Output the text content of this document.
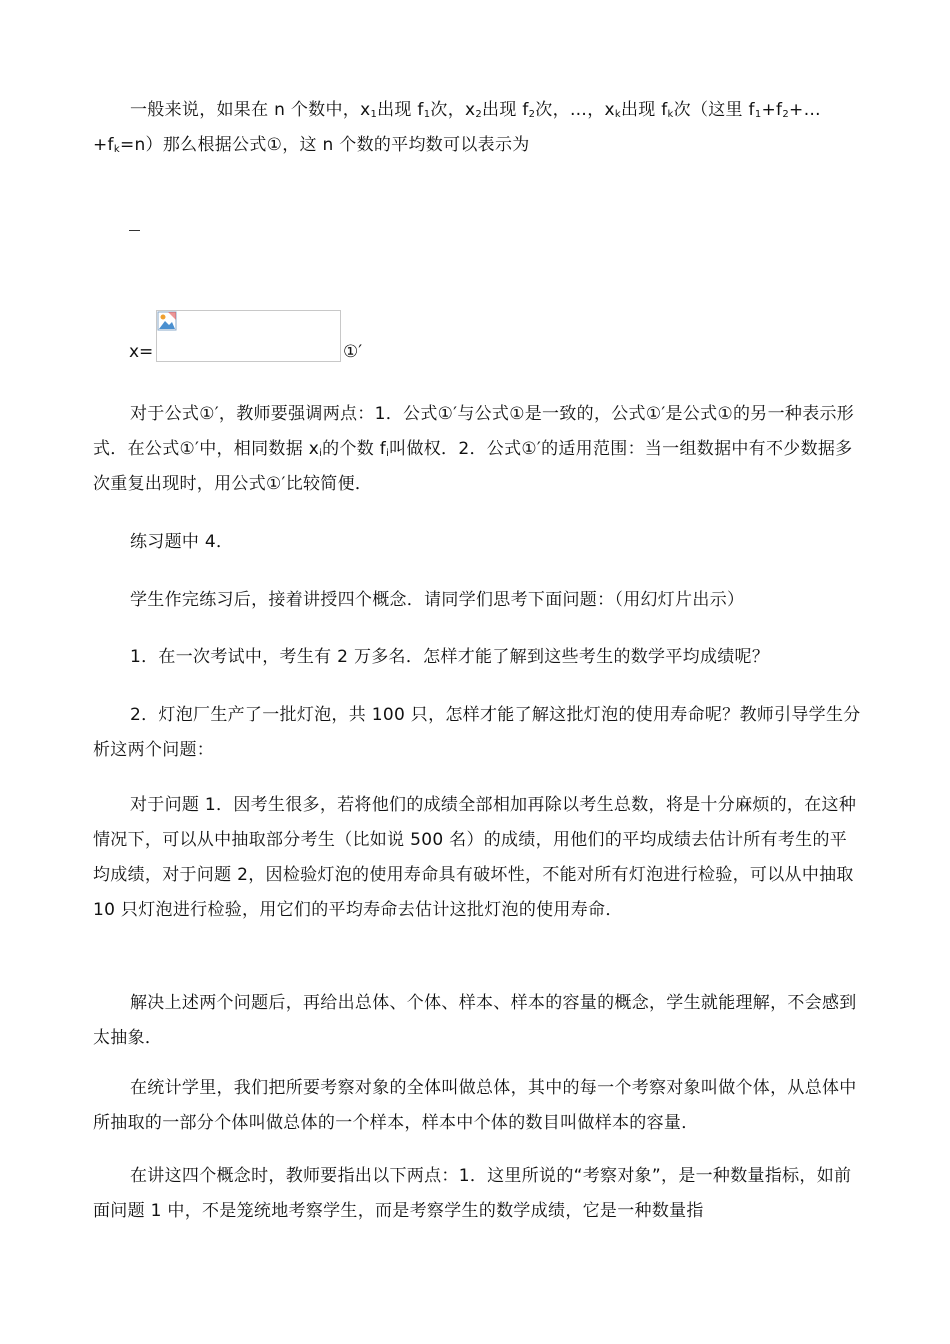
一般来说，如果在 n 个数中，$x_1$出现 $f_1$次，$x_2$出现 $f_2$次，…，$x_k$出现 $f_k$次（这里 $f_1+f_2+\dots+f_k=n$）那么根据公式①，这 n 个数的平均数可以表示为

x=	①′

对于公式①′，教师要强调两点：1．公式①′与公式①是一致的，公式①′是公式①的另一种表示形式．在公式①′中，相同数据 $x_i$的个数 $f_i$叫做权．2．公式①′的适用范围：当一组数据中有不少数据多次重复出现时，用公式①′比较简便．

练习题中 4．

学生作完练习后，接着讲授四个概念．请同学们思考下面问题：（用幻灯片出示）

1．在一次考试中，考生有 2 万多名．怎样才能了解到这些考生的数学平均成绩呢？

2．灯泡厂生产了一批灯泡，共 100 只，怎样才能了解这批灯泡的使用寿命呢？教师引导学生分析这两个问题：

对于问题 1．因考生很多，若将他们的成绩全部相加再除以考生总数，将是十分麻烦的，在这种情况下，可以从中抽取部分考生（比如说 500 名）的成绩，用他们的平均成绩去估计所有考生的平均成绩，对于问题 2，因检验灯泡的使用寿命具有破坏性，不能对所有灯泡进行检验，可以从中抽取 10 只灯泡进行检验，用它们的平均寿命去估计这批灯泡的使用寿命．

解决上述两个问题后，再给出总体、个体、样本、样本的容量的概念，学生就能理解，不会感到太抽象．

在统计学里，我们把所要考察对象的全体叫做总体，其中的每一个考察对象叫做个体，从总体中所抽取的一部分个体叫做总体的一个样本，样本中个体的数目叫做样本的容量．

在讲这四个概念时，教师要指出以下两点：1．这里所说的“考察对象”，是一种数量指标，如前面问题 1 中，不是笼统地考察学生，而是考察学生的数学成绩，它是一种数量指
